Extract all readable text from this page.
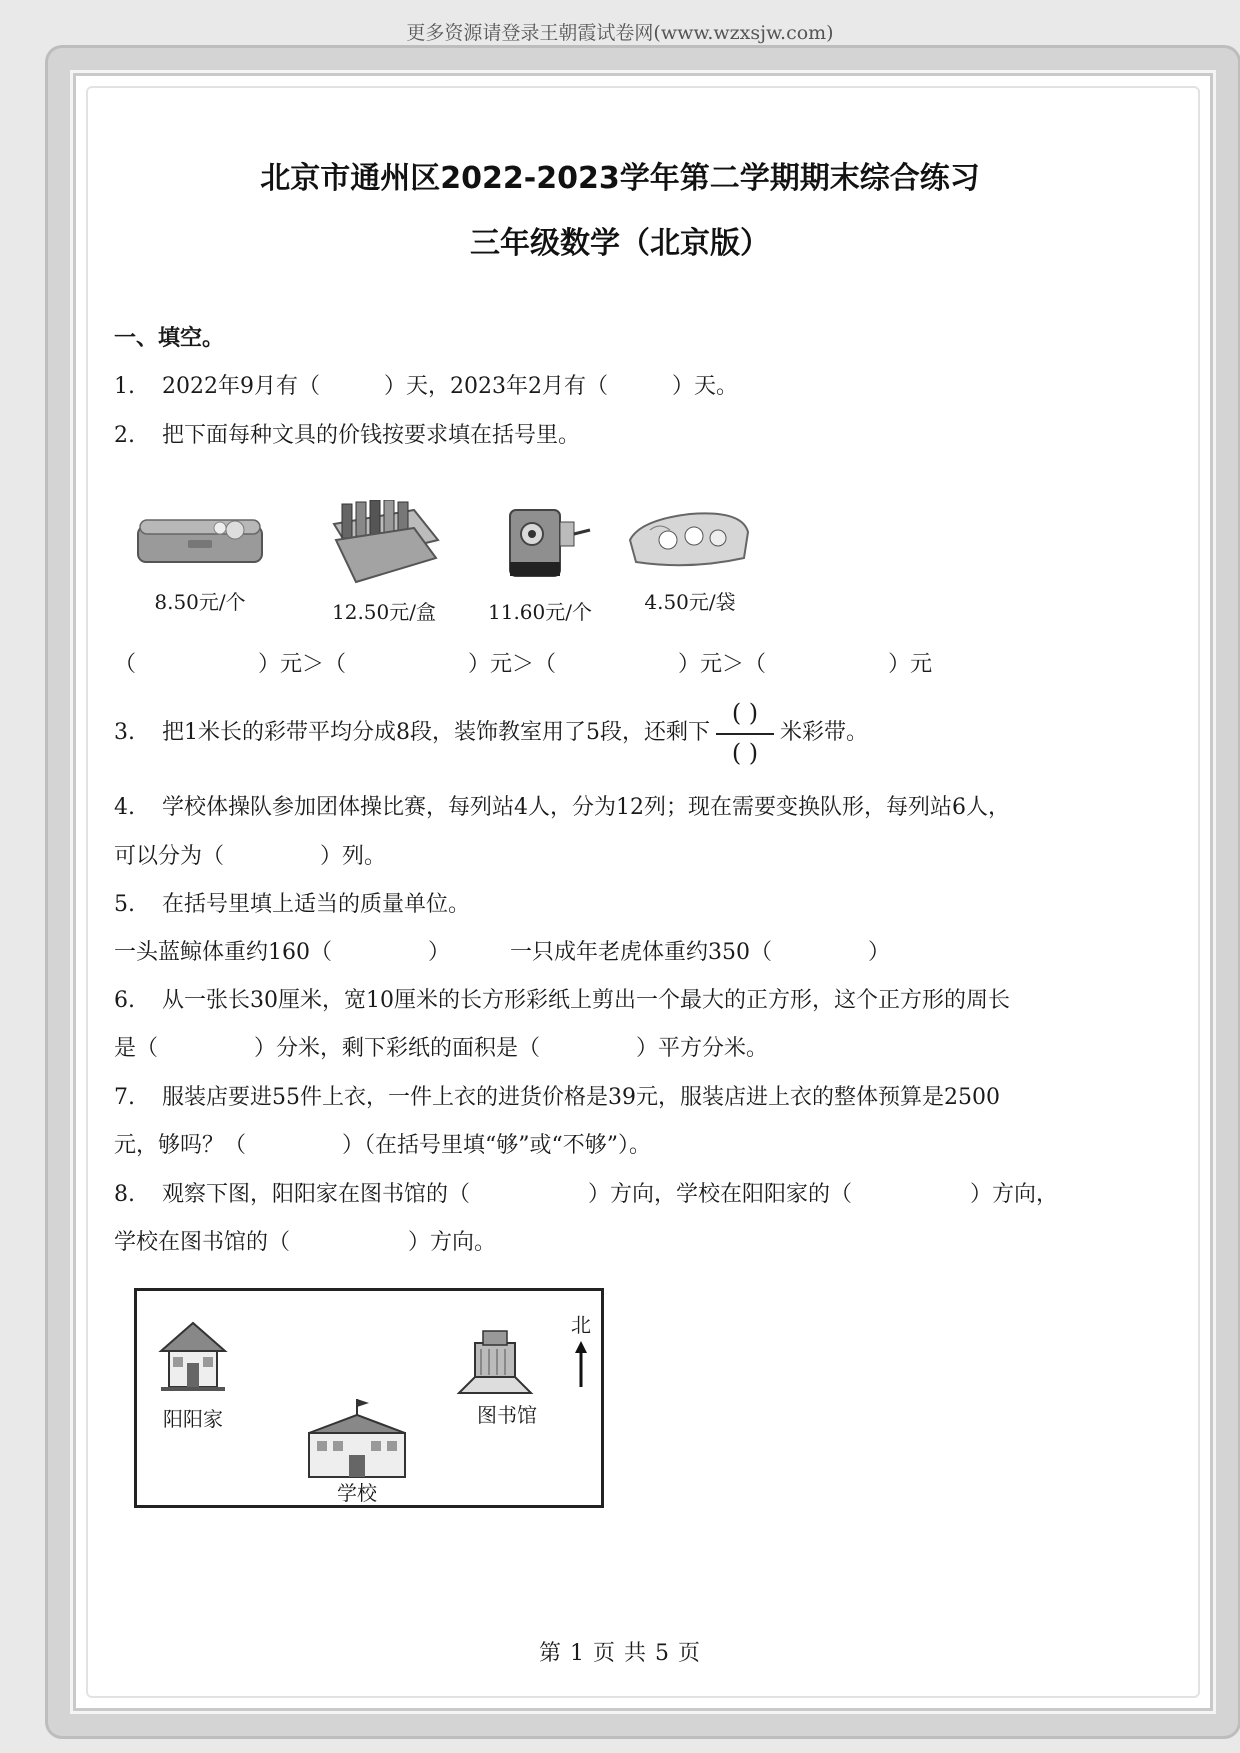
更多资源请登录王朝霞试卷网(www.wzxsjw.com)
北京市通州区2022-2023学年第二学期期末综合练习
三年级数学（北京版）
一、填空。
1. 2022年9月有（	）天，2023年2月有（	）天。
2. 把下面每种文具的价钱按要求填在括号里。
8.50元/个	12.50元/盒	11.60元/个	4.50元/袋
（	）元＞（	）元＞（	）元＞（	）元
3. 把1米长的彩带平均分成8段，装饰教室用了5段，还剩下 $\frac{( )}{( )}$ 米彩带。
4. 学校体操队参加团体操比赛，每列站4人，分为12列；现在需要变换队形，每列站6人，
可以分为（	）列。
5. 在括号里填上适当的质量单位。
一头蓝鲸体重约160（	）	一只成年老虎体重约350（	）
6. 从一张长30厘米，宽10厘米的长方形彩纸上剪出一个最大的正方形，这个正方形的周长
是（	）分米，剩下彩纸的面积是（	）平方分米。
7. 服装店要进55件上衣，一件上衣的进货价格是39元，服装店进上衣的整体预算是2500
元，够吗？（	）（在括号里填“够”或“不够”）。
8. 观察下图，阳阳家在图书馆的（	）方向，学校在阳阳家的（	）方向，
学校在图书馆的（	）方向。
阳阳家	图书馆
学校
北
第 1 页 共 5 页
